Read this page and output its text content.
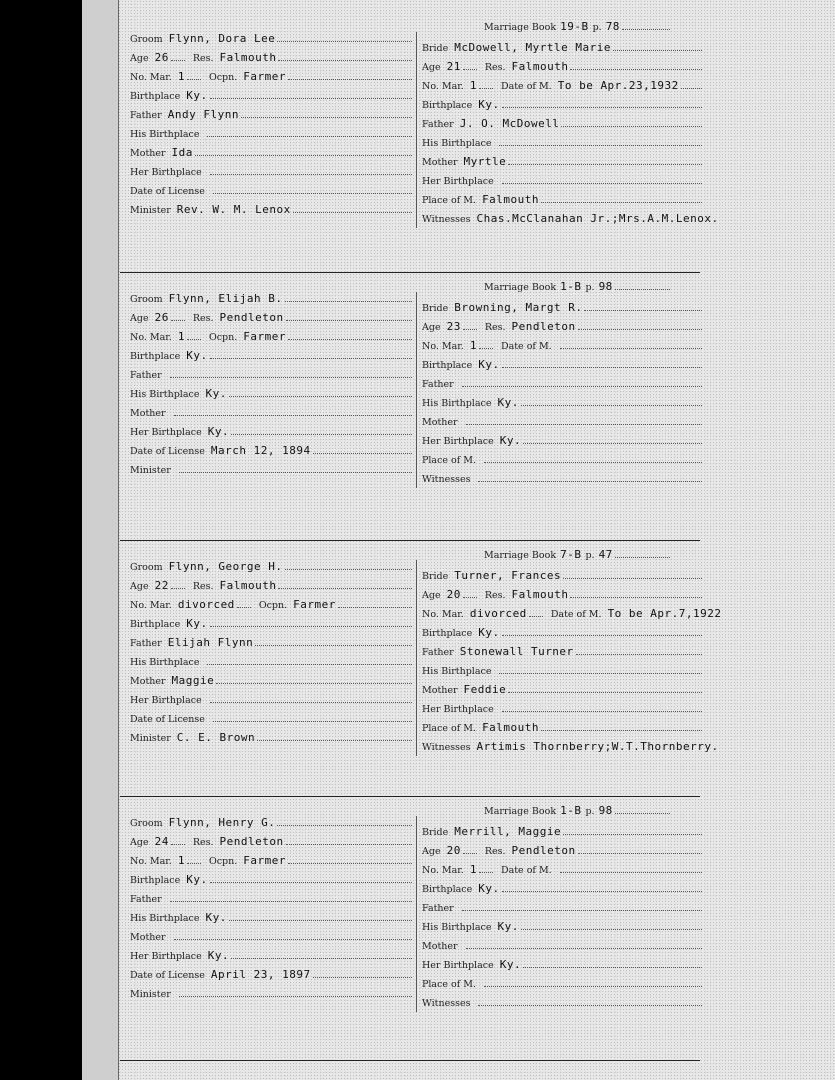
Groom Flynn, Dora Lee
Age 26	Res. Falmouth
No. Mar. 1	Ocpn. Farmer
Birthplace Ky.
Father Andy Flynn
His Birthplace
Mother Ida
Her Birthplace
Date of License
Minister Rev. W. M. Lenox
Marriage Book 19-B p. 78
Bride McDowell, Myrtle Marie
Age 21	Res. Falmouth
No. Mar. 1	Date of M. To be Apr.23,1932
Birthplace Ky.
Father J. O. McDowell
His Birthplace
Mother Myrtle
Her Birthplace
Place of M. Falmouth
Witnesses Chas.McClanahan Jr.;Mrs.A.M.Lenox.
Groom Flynn, Elijah B.
Age 26	Res. Pendleton
No. Mar. 1	Ocpn. Farmer
Birthplace Ky.
Father
His Birthplace Ky.
Mother
Her Birthplace Ky.
Date of License March 12, 1894
Minister
Marriage Book 1-B p. 98
Bride Browning, Margt R.
Age 23	Res. Pendleton
No. Mar. 1	Date of M.
Birthplace Ky.
Father
His Birthplace Ky.
Mother
Her Birthplace Ky.
Place of M.
Witnesses
Groom Flynn, George H.
Age 22	Res. Falmouth
No. Mar. divorced	Ocpn. Farmer
Birthplace Ky.
Father Elijah Flynn
His Birthplace
Mother Maggie
Her Birthplace
Date of License
Minister C. E. Brown
Marriage Book 7-B p. 47
Bride Turner, Frances
Age 20	Res. Falmouth
No. Mar. divorced	Date of M. To be Apr.7,1922
Birthplace Ky.
Father Stonewall Turner
His Birthplace
Mother Feddie
Her Birthplace
Place of M. Falmouth
Witnesses Artimis Thornberry;W.T.Thornberry.
Groom Flynn, Henry G.
Age 24	Res. Pendleton
No. Mar. 1	Ocpn. Farmer
Birthplace Ky.
Father
His Birthplace Ky.
Mother
Her Birthplace Ky.
Date of License April 23, 1897
Minister
Marriage Book 1-B p. 98
Bride Merrill, Maggie
Age 20	Res. Pendleton
No. Mar. 1	Date of M.
Birthplace Ky.
Father
His Birthplace Ky.
Mother
Her Birthplace Ky.
Place of M.
Witnesses
